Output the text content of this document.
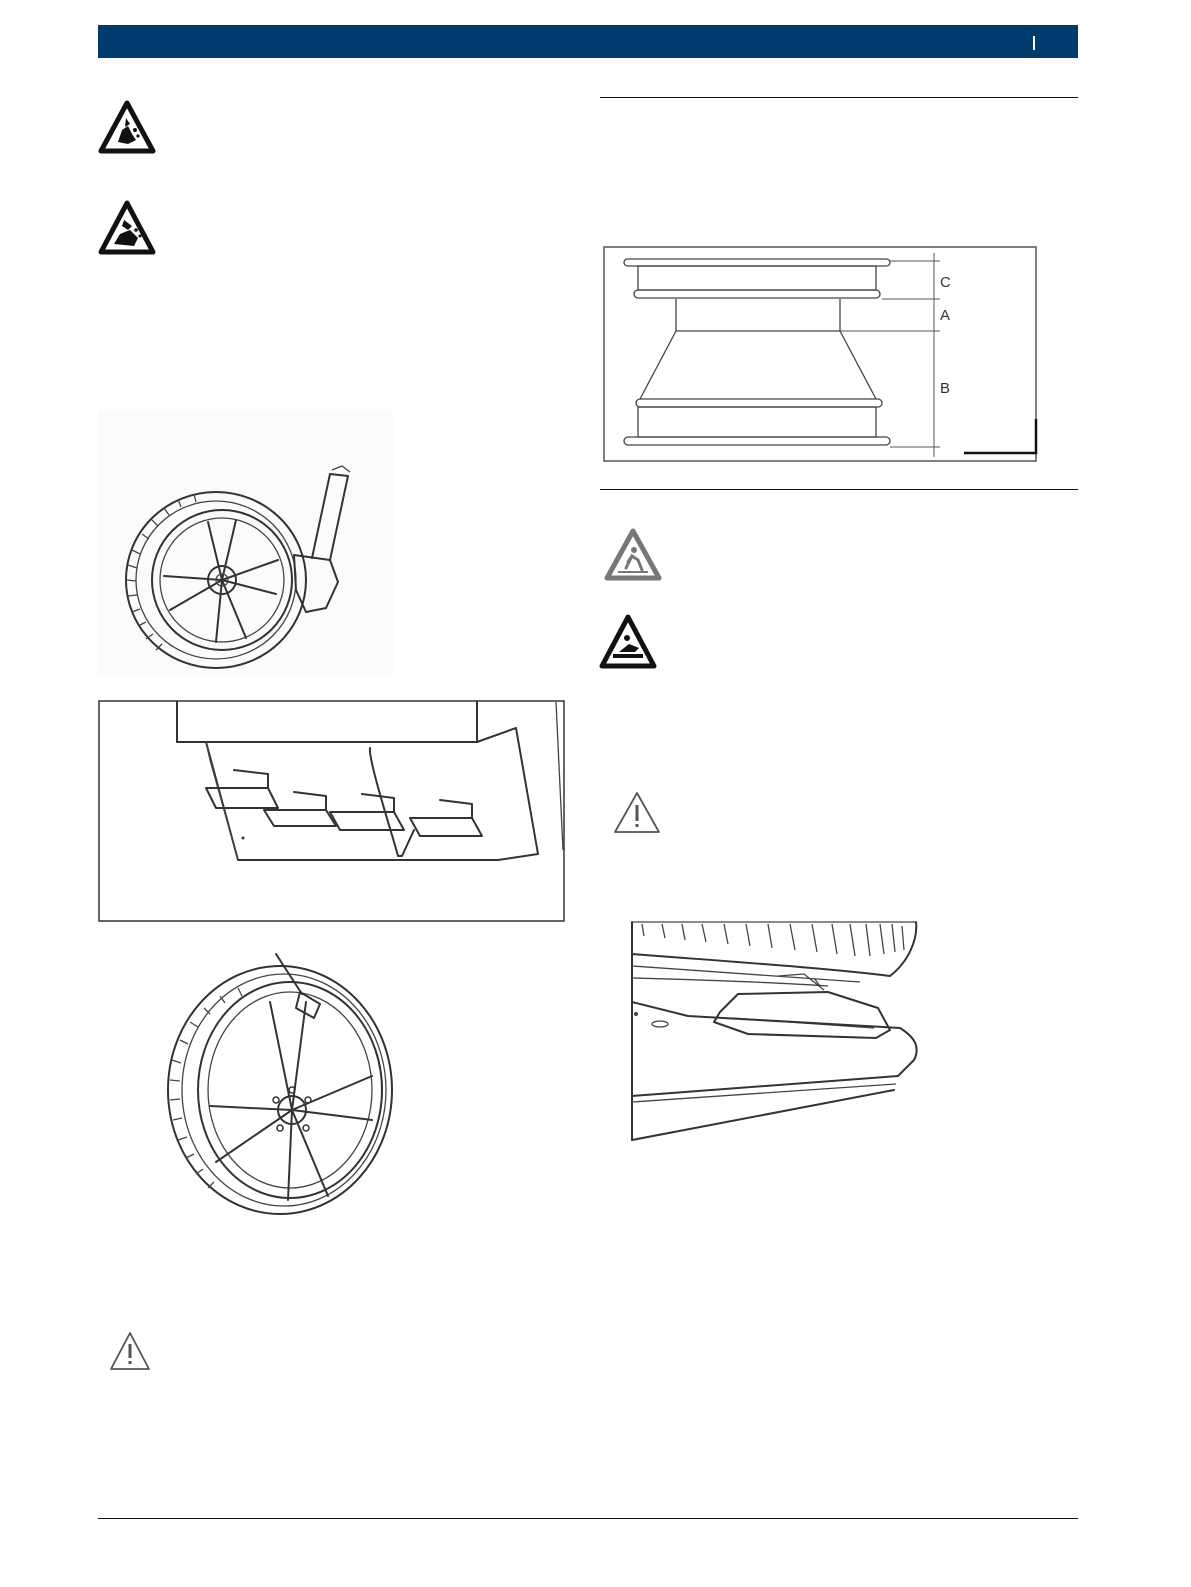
C
A
B
